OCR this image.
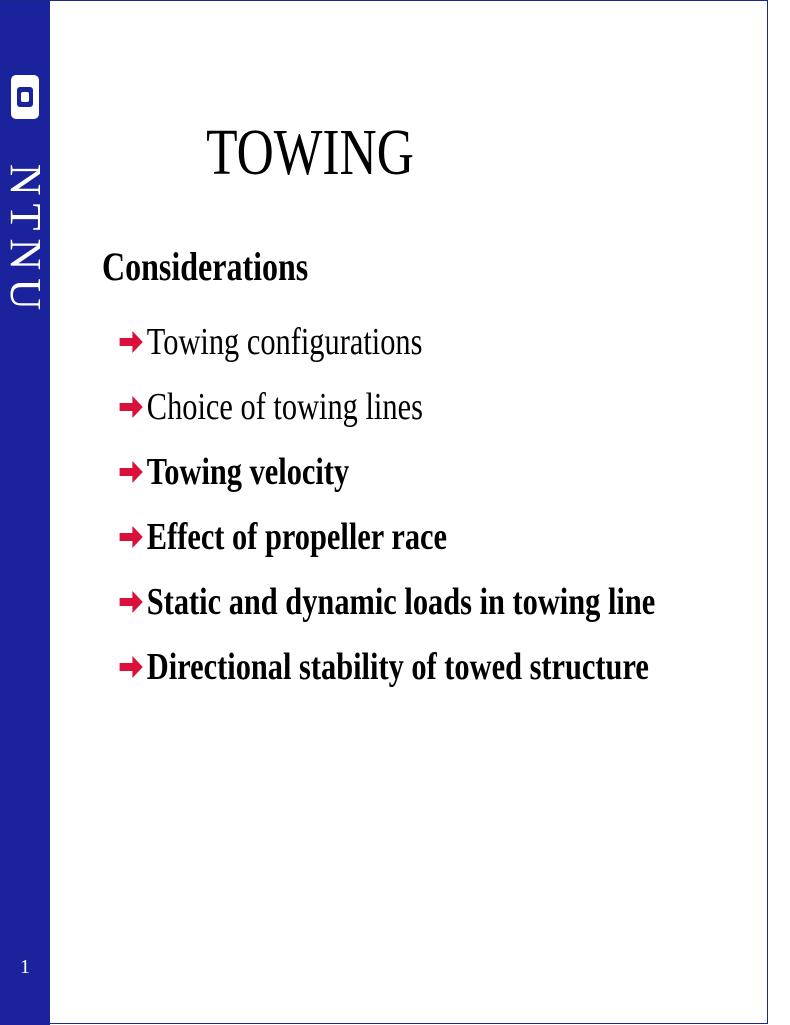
NTNU
1
TOWING
Considerations
Towing configurations
Choice of towing lines
Towing velocity
Effect of propeller race
Static and dynamic loads in towing line
Directional stability of towed structure
